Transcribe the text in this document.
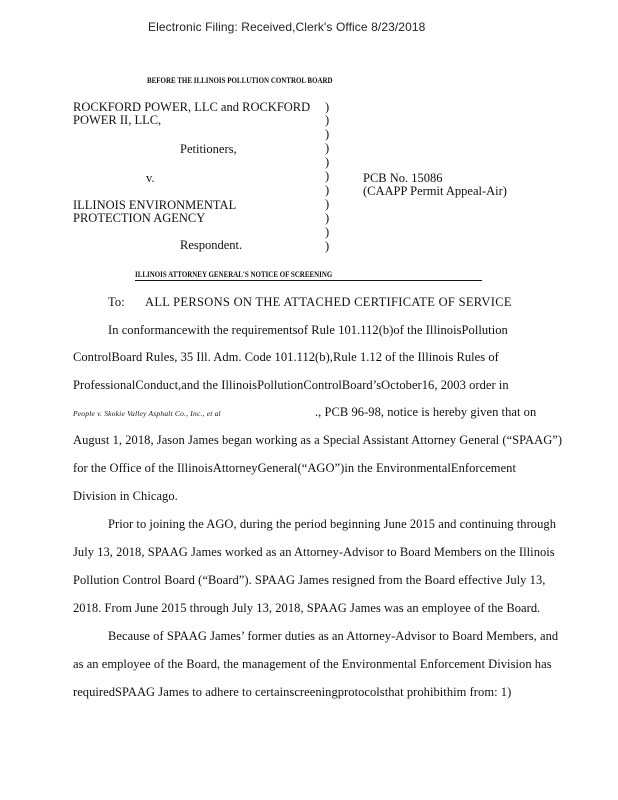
Electronic Filing: Received,Clerk's Office 8/23/2018
BEFORE THE ILLINOIS POLLUTION CONTROL BOARD
ROCKFORD POWER, LLC and ROCKFORD
POWER II, LLC,
Petitioners,
v.
ILLINOIS ENVIRONMENTAL
PROTECTION AGENCY
Respondent.
)
)
)
)
)
)
)
)
)
)
)
PCB No. 15086
(CAAPP Permit Appeal-Air)
ILLINOIS ATTORNEY GENERAL'S NOTICE OF SCREENING
To: ALL PERSONS ON THE ATTACHED CERTIFICATE OF SERVICE
In conformancewith the requirementsof Rule 101.112(b)of the IllinoisPollution
ControlBoard Rules, 35 Ill. Adm. Code 101.112(b),Rule 1.12 of the Illinois Rules of
ProfessionalConduct,and the IllinoisPollutionControlBoard’sOctober16, 2003 order in
People v. Skokie Valley Asphalt Co., Inc., et al	., PCB 96-98, notice is hereby given that on
August 1, 2018, Jason James began working as a Special Assistant Attorney General (“SPAAG”)
for the Office of the IllinoisAttorneyGeneral(“AGO”)in the EnvironmentalEnforcement
Division in Chicago.
Prior to joining the AGO, during the period beginning June 2015 and continuing through
July 13, 2018, SPAAG James worked as an Attorney-Advisor to Board Members on the Illinois
Pollution Control Board (“Board”). SPAAG James resigned from the Board effective July 13,
2018. From June 2015 through July 13, 2018, SPAAG James was an employee of the Board.
Because of SPAAG James’ former duties as an Attorney-Advisor to Board Members, and
as an employee of the Board, the management of the Environmental Enforcement Division has
requiredSPAAG James to adhere to certainscreeningprotocolsthat prohibithim from: 1)
